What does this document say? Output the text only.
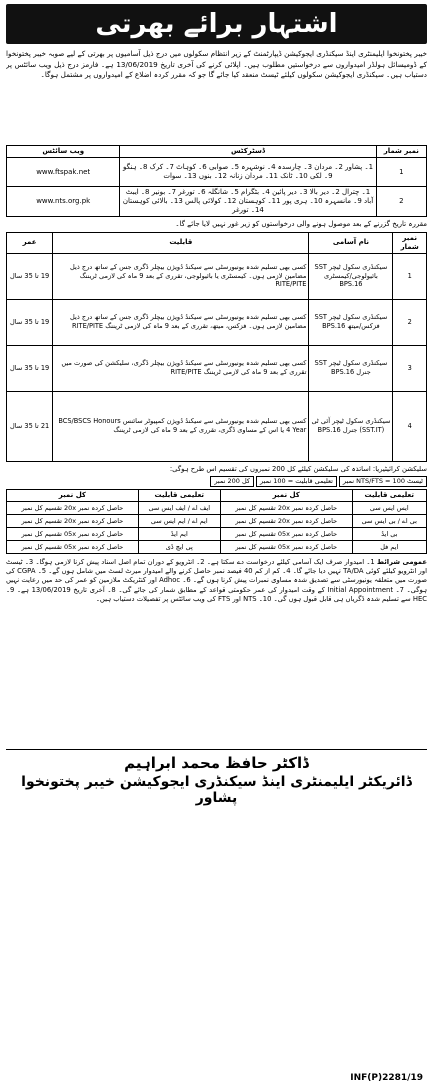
اشتہار برائے بھرتی
خیبر پختونخوا ایلیمنٹری اینڈ سیکنڈری ایجوکیشن ڈیپارٹمنٹ کے زیر انتظام سکولوں میں درج ذیل آسامیوں پر بھرتی کے لیے صوبہ خیبر پختونخوا کے ڈومیسائل ہولڈر امیدواروں سے درخواستیں مطلوب ہیں۔ اپلائی کرنے کی آخری تاریخ 13/06/2019 ہے۔ فارمز درج ذیل ویب سائٹس پر دستیاب ہیں۔ سیکنڈری ایجوکیشن سکولوں کیلئے ٹیسٹ منعقد کیا جائے گا جو کہ مقرر کردہ اضلاع کے امیدواروں پر مشتمل ہوگا۔
نمبر شمار	ڈسٹرکٹس	ویب سائٹس
1	1۔ پشاور 2۔ مردان 3۔ چارسدہ 4۔ نوشہرہ 5۔ صوابی 6۔ کوہاٹ 7۔ کرک 8۔ ہنگو 9۔ لکی 10۔ ٹانک 11۔ مردان زنانہ 12۔ بنوں 13۔ سوات	www.ftspak.net
2	1۔ چترال 2۔ دیر بالا 3۔ دیر پائین 4۔ بٹگرام 5۔ شانگلہ 6۔ تورغر 7۔ بونیر 8۔ ایبٹ آباد 9۔ مانسہرہ 10۔ ہری پور 11۔ کوہستان 12۔ کولائی پالس 13۔ بالائی کوہستان 14۔ تورغر	www.nts.org.pk
مقررہ تاریخ گزرنے کے بعد موصول ہونے والی درخواستوں کو زیر غور نہیں لایا جائے گا۔
نمبر شمار	نام آسامی	قابلیت	عمر
1	سیکنڈری سکول ٹیچر SST بائیولوجی/کیمسٹری BPS.16	کسی بھی تسلیم شدہ یونیورسٹی سے سیکنڈ ڈویژن بیچلر ڈگری جس کے ساتھ درج ذیل مضامین لازمی ہوں۔ کیمسٹری یا بائیولوجی، تقرری کے بعد 9 ماہ کی لازمی ٹریننگ RITE/PITE	19 تا 35 سال
2	سیکنڈری سکول ٹیچر SST فزکس/میتھ BPS.16	کسی بھی تسلیم شدہ یونیورسٹی سے سیکنڈ ڈویژن بیچلر ڈگری جس کے ساتھ درج ذیل مضامین لازمی ہوں۔ فزکس، میتھ، تقرری کے بعد 9 ماہ کی لازمی ٹریننگ RITE/PITE	19 تا 35 سال
3	سیکنڈری سکول ٹیچر SST جنرل BPS.16	کسی بھی تسلیم شدہ یونیورسٹی سے سیکنڈ ڈویژن بیچلر ڈگری، سلیکشن کی صورت میں تقرری کے بعد 9 ماہ کی لازمی ٹریننگ RITE/PITE	19 تا 35 سال
4	سیکنڈری سکول ٹیچر آئی ٹی (SST.IT) جنرل BPS.16	کسی بھی تسلیم شدہ یونیورسٹی سے سیکنڈ ڈویژن کمپیوٹر سائنس BCS/BSCS Honours 4 Year یا اس کے مساوی ڈگری، تقرری کے بعد 9 ماہ کی لازمی ٹریننگ	21 تا 35 سال
سلیکشن کرائیٹیریا: اساتذہ کی سلیکشن کیلئے کل 200 نمبروں کی تقسیم اس طرح ہوگی:
ٹیسٹ NTS/FTS = 100 نمبر
تعلیمی قابلیت = 100 نمبر
کل 200 نمبر
تعلیمی قابلیت	کل نمبر	تعلیمی قابلیت	کل نمبر
ایس ایس سی	حاصل کردہ نمبر 20x تقسیم کل نمبر	ایف اے / ایف ایس سی	حاصل کردہ نمبر 20x تقسیم کل نمبر
بی اے / بی ایس سی	حاصل کردہ نمبر 20x تقسیم کل نمبر	ایم اے / ایم ایس سی	حاصل کردہ نمبر 20x تقسیم کل نمبر
بی ایڈ	حاصل کردہ نمبر 05x تقسیم کل نمبر	ایم ایڈ	حاصل کردہ نمبر 05x تقسیم کل نمبر
ایم فل	حاصل کردہ نمبر 05x تقسیم کل نمبر	پی ایچ ڈی	حاصل کردہ نمبر 05x تقسیم کل نمبر
عمومی شرائط 1۔ امیدوار صرف ایک آسامی کیلئے درخواست دے سکتا ہے۔ 2۔ انٹرویو کے دوران تمام اصل اسناد پیش کرنا لازمی ہوگا۔ 3۔ ٹیسٹ اور انٹرویو کیلئے کوئی TA/DA نہیں دیا جائے گا۔ 4۔ کم از کم 40 فیصد نمبر حاصل کرنے والے امیدوار میرٹ لسٹ میں شامل ہوں گے۔ 5۔ CGPA کی صورت میں متعلقہ یونیورسٹی سے تصدیق شدہ مساوی نمبرات پیش کرنا ہوں گے۔ 6۔ Adhoc اور کنٹریکٹ ملازمین کو عمر کی حد میں رعایت نہیں ہوگی۔ 7۔ Initial Appointment کے وقت امیدوار کی عمر حکومتی قواعد کے مطابق شمار کی جائے گی۔ 8۔ آخری تاریخ 13/06/2019 ہے۔ 9۔ HEC سے تسلیم شدہ ڈگریاں ہی قابل قبول ہوں گی۔ 10۔ NTS اور FTS کی ویب سائٹس پر تفصیلات دستیاب ہیں۔
ڈاکٹر حافظ محمد ابراہیم
ڈائریکٹر ایلیمنٹری اینڈ سیکنڈری ایجوکیشن خیبر پختونخوا پشاور
INF(P)2281/19
